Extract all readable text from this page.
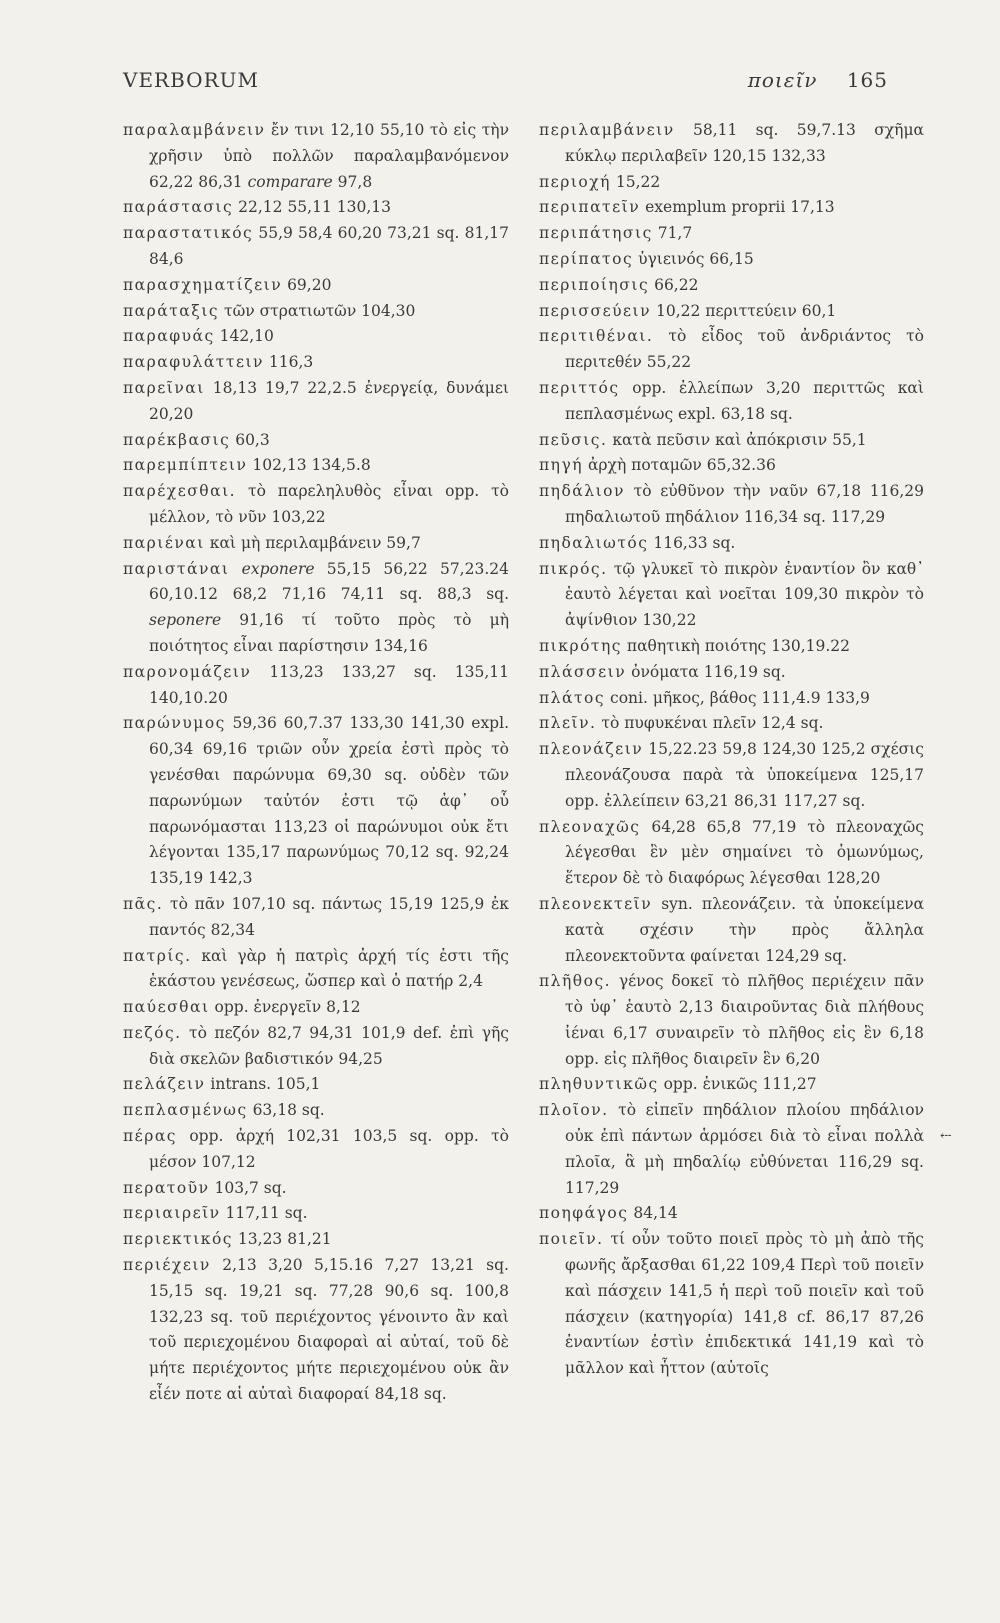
VERBORUM	ποιεῖν 165
παραλαμβάνειν ἔν τινι 12,10 55,10 τὸ εἰς τὴν χρῆσιν ὑπὸ πολλῶν παραλαμβανόμενον 62,22 86,31 comparare 97,8
παράστασις 22,12 55,11 130,13
παραστατικός 55,9 58,4 60,20 73,21 sq. 81,17 84,6
παρασχηματίζειν 69,20
παράταξις τῶν στρατιωτῶν 104,30
παραφυάς 142,10
παραφυλάττειν 116,3
παρεῖναι 18,13 19,7 22,2.5 ἐνεργείᾳ, δυνάμει 20,20
παρέκβασις 60,3
παρεμπίπτειν 102,13 134,5.8
παρέχεσθαι. τὸ παρεληλυθὸς εἶναι opp. τὸ μέλλον, τὸ νῦν 103,22
παριέναι καὶ μὴ περιλαμβάνειν 59,7
παριστάναι exponere 55,15 56,22 57,23.24 60,10.12 68,2 71,16 74,11 sq. 88,3 sq. seponere 91,16 τί τοῦτο πρὸς τὸ μὴ ποιότητος εἶναι παρίστησιν 134,16
παρονομάζειν 113,23 133,27 sq. 135,11 140,10.20
παρώνυμος 59,36 60,7.37 133,30 141,30 expl. 60,34 69,16 τριῶν οὖν χρεία ἐστὶ πρὸς τὸ γενέσθαι παρώνυμα 69,30 sq. οὐδὲν τῶν παρωνύμων ταὐτόν ἐστι τῷ ἀφ᾽ οὗ παρωνόμασται 113,23 οἱ παρώνυμοι οὐκ ἔτι λέγονται 135,17 παρωνύμως 70,12 sq. 92,24 135,19 142,3
πᾶς. τὸ πᾶν 107,10 sq. πάντως 15,19 125,9 ἐκ παντός 82,34
πατρίς. καὶ γὰρ ἡ πατρὶς ἀρχή τίς ἐστι τῆς ἑκάστου γενέσεως, ὥσπερ καὶ ὁ πατήρ 2,4
παύεσθαι opp. ἐνεργεῖν 8,12
πεζός. τὸ πεζόν 82,7 94,31 101,9 def. ἐπὶ γῆς διὰ σκελῶν βαδιστικόν 94,25
πελάζειν intrans. 105,1
πεπλασμένως 63,18 sq.
πέρας opp. ἀρχή 102,31 103,5 sq. opp. τὸ μέσον 107,12
περατοῦν 103,7 sq.
περιαιρεῖν 117,11 sq.
περιεκτικός 13,23 81,21
περιέχειν 2,13 3,20 5,15.16 7,27 13,21 sq. 15,15 sq. 19,21 sq. 77,28 90,6 sq. 100,8 132,23 sq. τοῦ περιέχοντος γένοιντο ἂν καὶ τοῦ περιεχομένου διαφοραὶ αἱ αὐταί, τοῦ δὲ μήτε περιέχοντος μήτε περιεχομένου οὐκ ἂν εἶέν ποτε αἱ αὐταὶ διαφοραί 84,18 sq.
περιλαμβάνειν 58,11 sq. 59,7.13 σχῆμα κύκλῳ περιλαβεῖν 120,15 132,33
περιοχή 15,22
περιπατεῖν exemplum proprii 17,13
περιπάτησις 71,7
περίπατος ὑγιεινός 66,15
περιποίησις 66,22
περισσεύειν 10,22 περιττεύειν 60,1
περιτιθέναι. τὸ εἶδος τοῦ ἀνδριάντος τὸ περιτεθέν 55,22
περιττός opp. ἐλλείπων 3,20 περιττῶς καὶ πεπλασμένως expl. 63,18 sq.
πεῦσις. κατὰ πεῦσιν καὶ ἀπόκρισιν 55,1
πηγή ἀρχὴ ποταμῶν 65,32.36
πηδάλιον τὸ εὐθῦνον τὴν ναῦν 67,18 116,29 πηδαλιωτοῦ πηδάλιον 116,34 sq. 117,29
πηδαλιωτός 116,33 sq.
πικρός. τῷ γλυκεῖ τὸ πικρὸν ἐναντίον ὂν καθ᾽ ἑαυτὸ λέγεται καὶ νοεῖται 109,30 πικρὸν τὸ ἀψίνθιον 130,22
πικρότης παθητικὴ ποιότης 130,19.22
πλάσσειν ὀνόματα 116,19 sq.
πλάτος coni. μῆκος, βάθος 111,4.9 133,9
πλεῖν. τὸ πυφυκέναι πλεῖν 12,4 sq.
πλεονάζειν 15,22.23 59,8 124,30 125,2 σχέσις πλεονάζουσα παρὰ τὰ ὑποκείμενα 125,17 opp. ἐλλείπειν 63,21 86,31 117,27 sq.
πλεοναχῶς 64,28 65,8 77,19 τὸ πλεοναχῶς λέγεσθαι ἓν μὲν σημαίνει τὸ ὁμωνύμως, ἕτερον δὲ τὸ διαφόρως λέγεσθαι 128,20
πλεονεκτεῖν syn. πλεονάζειν. τὰ ὑποκείμενα κατὰ σχέσιν τὴν πρὸς ἄλληλα πλεονεκτοῦντα φαίνεται 124,29 sq.
πλῆθος. γένος δοκεῖ τὸ πλῆθος περιέχειν πᾶν τὸ ὑφ᾽ ἑαυτὸ 2,13 διαιροῦντας διὰ πλήθους ἰέναι 6,17 συναιρεῖν τὸ πλῆθος εἰς ἓν 6,18 opp. εἰς πλῆθος διαιρεῖν ἓν 6,20
πληθυντικῶς opp. ἑνικῶς 111,27
πλοῖον. τὸ εἰπεῖν πηδάλιον πλοίου πηδάλιον οὐκ ἐπὶ πάντων ἁρμόσει διὰ τὸ εἶναι πολλὰ πλοῖα, ἃ μὴ πηδαλίῳ εὐθύνεται 116,29 sq. 117,29
⤎
ποηφάγος 84,14
ποιεῖν. τί οὖν τοῦτο ποιεῖ πρὸς τὸ μὴ ἀπὸ τῆς φωνῆς ἄρξασθαι 61,22 109,4 Περὶ τοῦ ποιεῖν καὶ πάσχειν 141,5 ἡ περὶ τοῦ ποιεῖν καὶ τοῦ πάσχειν (κατηγορία) 141,8 cf. 86,17 87,26 ἐναντίων ἐστὶν ἐπιδεκτικά 141,19 καὶ τὸ μᾶλλον καὶ ἧττον (αὐτοῖς
